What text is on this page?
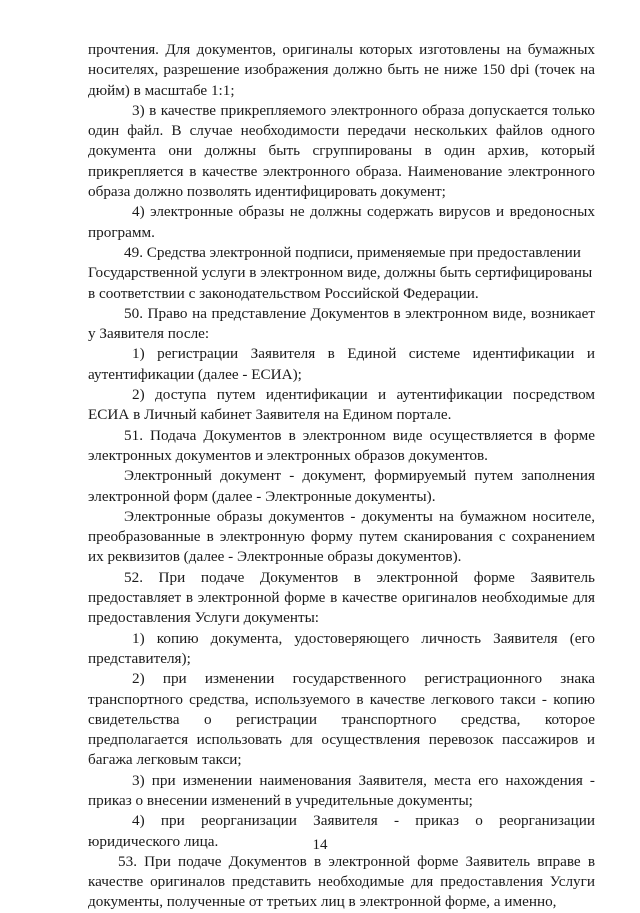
прочтения. Для документов, оригиналы которых изготовлены на бумажных носителях, разрешение изображения должно быть не ниже 150 dpi (точек на дюйм) в масштабе 1:1;

3) в качестве прикрепляемого электронного образа допускается только один файл. В случае необходимости передачи нескольких файлов одного документа они должны быть сгруппированы в один архив, который прикрепляется в качестве электронного образа. Наименование электронного образа должно позволять идентифицировать документ;

4) электронные образы не должны содержать вирусов и вредоносных программ.

49. Средства электронной подписи, применяемые при предоставлении Государственной услуги в электронном виде, должны быть сертифицированы в соответствии с законодательством Российской Федерации.

50. Право на представление Документов в электронном виде, возникает у Заявителя после:

1) регистрации Заявителя в Единой системе идентификации и аутентификации (далее - ЕСИА);

2) доступа путем идентификации и аутентификации посредством ЕСИА в Личный кабинет Заявителя на Едином портале.

51. Подача Документов в электронном виде осуществляется в форме электронных документов и электронных образов документов.

Электронный документ - документ, формируемый путем заполнения электронной форм (далее - Электронные документы).

Электронные образы документов - документы на бумажном носителе, преобразованные в электронную форму путем сканирования с сохранением их реквизитов (далее - Электронные образы документов).

52. При подаче Документов в электронной форме Заявитель предоставляет в электронной форме в качестве оригиналов необходимые для предоставления Услуги документы:

1) копию документа, удостоверяющего личность Заявителя (его представителя);

2) при изменении государственного регистрационного знака транспортного средства, используемого в качестве легкового такси - копию свидетельства о регистрации транспортного средства, которое предполагается использовать для осуществления перевозок пассажиров и багажа легковым такси;

3) при изменении наименования Заявителя, места его нахождения - приказ о внесении изменений в учредительные документы;

4) при реорганизации Заявителя - приказ о реорганизации юридического лица.

53. При подаче Документов в электронной форме Заявитель вправе в качестве оригиналов представить необходимые для предоставления Услуги документы, полученные от третьих лиц в электронной форме, а именно,

14
